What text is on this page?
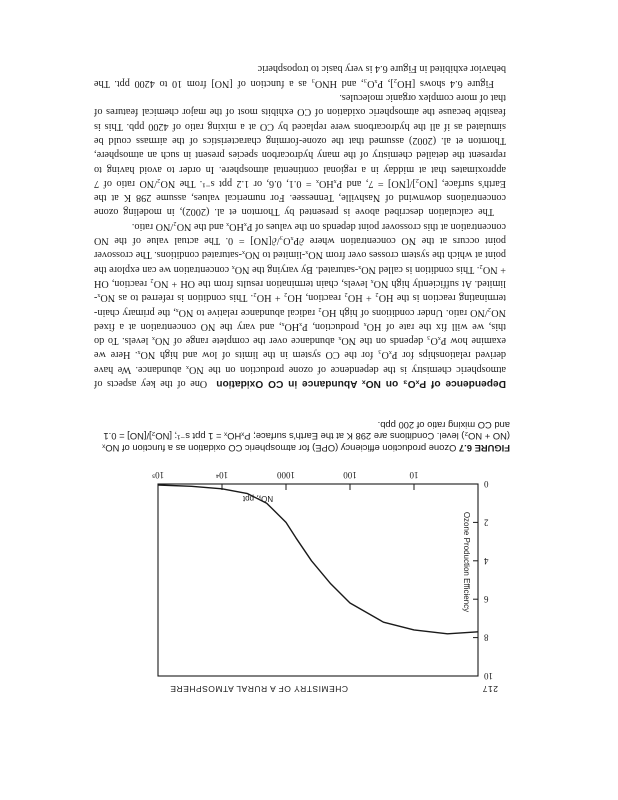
CHEMISTRY OF A RURAL ATMOSPHERE	217
10
100
1000
10⁴
10⁵
0
2
4
6
8
10
NOₓ, ppt
Ozone Production Efficiency
FIGURE 6.7 Ozone production efficiency (OPE) for atmospheric CO oxidation as a function of NOₓ (NO + NO₂) level. Conditions are 298 K at the Earth's surface; PₓHOₓ = 1 ppt s⁻¹; [NO₂]/[NO] = 0.1 and CO mixing ratio of 200 ppb.

Dependence of PₓO₃ on NOₓ Abundance in CO Oxidation  One of the key aspects of atmospheric chemistry is the dependence of ozone production on the NOₓ abundance. We have derived relationships for PₓO₃ for the CO system in the limits of low and high NOₓ. Here we examine how PₓO₃ depends on the NOₓ abundance over the complete range of NOₓ levels. To do this, we will fix the rate of HOₓ production, PₓHOₓ, and vary the NO concentration at a fixed NO₂/NO ratio. Under conditions of high HO₂ radical abundance relative to NOₓ, the primary chain-terminating reaction is the HO₂ + HO₂ reaction, HO₂ + HO₂. This condition is referred to as NOₓ-limited. At sufficiently high NOₓ levels, chain termination results from the OH + NO₂ reaction, OH + NO₂. This condition is called NOₓ-saturated. By varying the NOₓ concentration we can explore the point at which the system crosses over from NOₓ-limited to NOₓ-saturated conditions. The crossover point occurs at the NO concentration where ∂PₓO₃/∂[NO] = 0. The actual value of the NO concentration at this crossover point depends on the values of PₓHOₓ and the NO₂/NO ratio.

The calculation described above is presented by Thornton et al. (2002), in modeling ozone concentrations downwind of Nashville, Tennessee. For numerical values, assume 298 K at the Earth's surface, [NO₂]/[NO] = 7, and PₓHOₓ = 0.1, 0.6, or 1.2 ppt s⁻¹. The NO₂/NO ratio of 7 approximates that at midday in a regional continental atmosphere. In order to avoid having to represent the detailed chemistry of the many hydrocarbon species present in such an atmosphere, Thornton et al. (2002) assumed that the ozone-forming characteristics of the airmass could be simulated as if all the hydrocarbons were replaced by CO at a mixing ratio of 4200 ppb. This is feasible because the atmospheric oxidation of CO exhibits most of the major chemical features of that of more complex organic molecules.

Figure 6.4 shows [HO₂], PₓO₃, and HNO₃ as a function of [NO] from 10 to 4200 ppt. The behavior exhibited in Figure 6.4 is very basic to tropospheric
